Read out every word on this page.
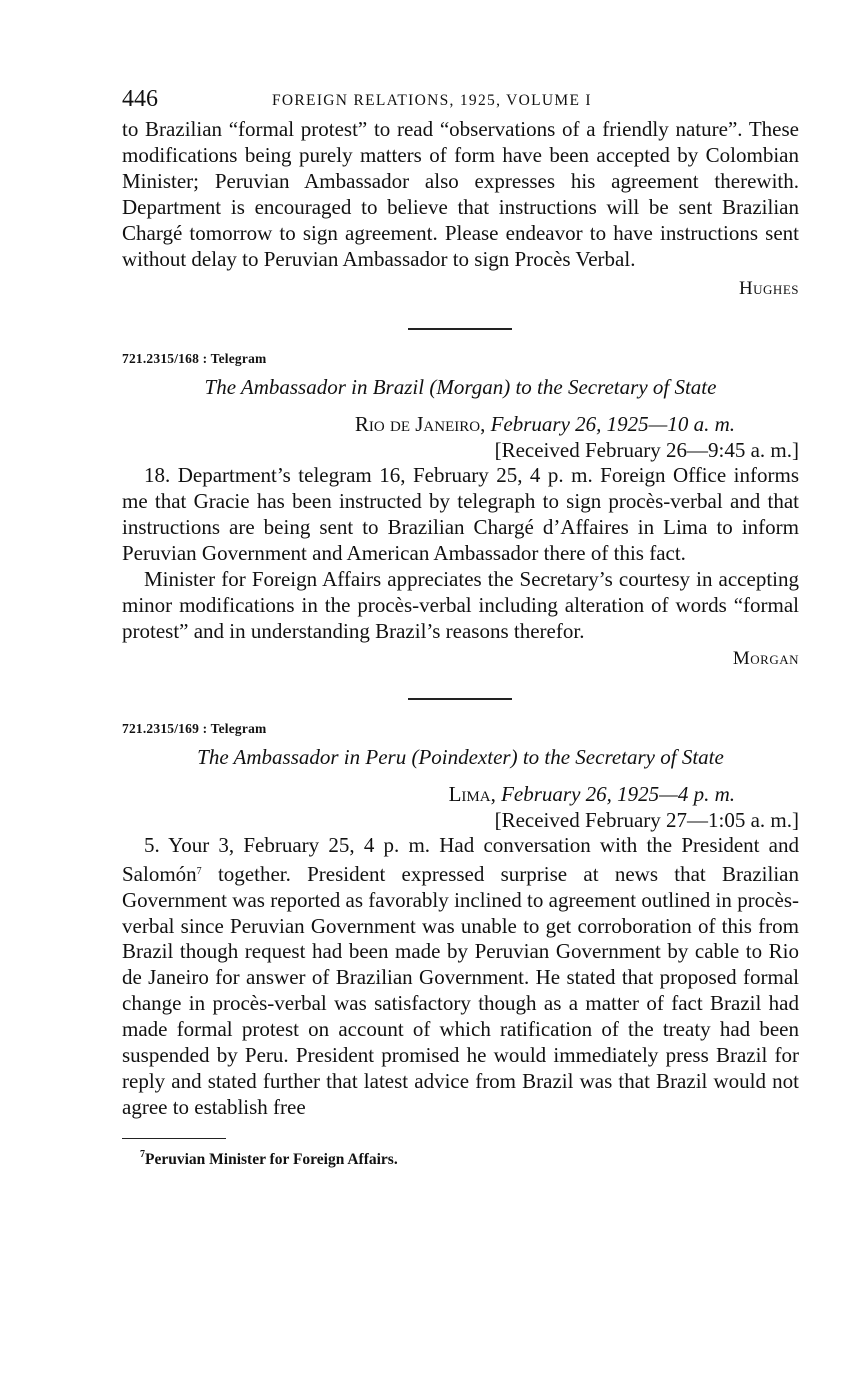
446	FOREIGN RELATIONS, 1925, VOLUME I

to Brazilian “formal protest” to read “observations of a friendly nature”. These modifications being purely matters of form have been accepted by Colombian Minister; Peruvian Ambassador also expresses his agreement therewith. Department is encouraged to believe that instructions will be sent Brazilian Chargé tomorrow to sign agreement. Please endeavor to have instructions sent without delay to Peruvian Ambassador to sign Procès Verbal.

Hughes
721.2315/168 : Telegram
The Ambassador in Brazil (Morgan) to the Secretary of State
Rio de Janeiro, February 26, 1925—10 a. m.
[Received February 26—9:45 a. m.]

18. Department’s telegram 16, February 25, 4 p. m. Foreign Office informs me that Gracie has been instructed by telegraph to sign procès-verbal and that instructions are being sent to Brazilian Chargé d’Affaires in Lima to inform Peruvian Government and American Ambassador there of this fact.

Minister for Foreign Affairs appreciates the Secretary’s courtesy in accepting minor modifications in the procès-verbal including alteration of words “formal protest” and in understanding Brazil’s reasons therefor.

Morgan
721.2315/169 : Telegram
The Ambassador in Peru (Poindexter) to the Secretary of State
Lima, February 26, 1925—4 p. m.
[Received February 27—1:05 a. m.]

5. Your 3, February 25, 4 p. m. Had conversation with the President and Salomón$^7$ together. President expressed surprise at news that Brazilian Government was reported as favorably inclined to agreement outlined in procès-verbal since Peruvian Government was unable to get corroboration of this from Brazil though request had been made by Peruvian Government by cable to Rio de Janeiro for answer of Brazilian Government. He stated that proposed formal change in procès-verbal was satisfactory though as a matter of fact Brazil had made formal protest on account of which ratification of the treaty had been suspended by Peru. President promised he would immediately press Brazil for reply and stated further that latest advice from Brazil was that Brazil would not agree to establish free

$^7$Peruvian Minister for Foreign Affairs.
